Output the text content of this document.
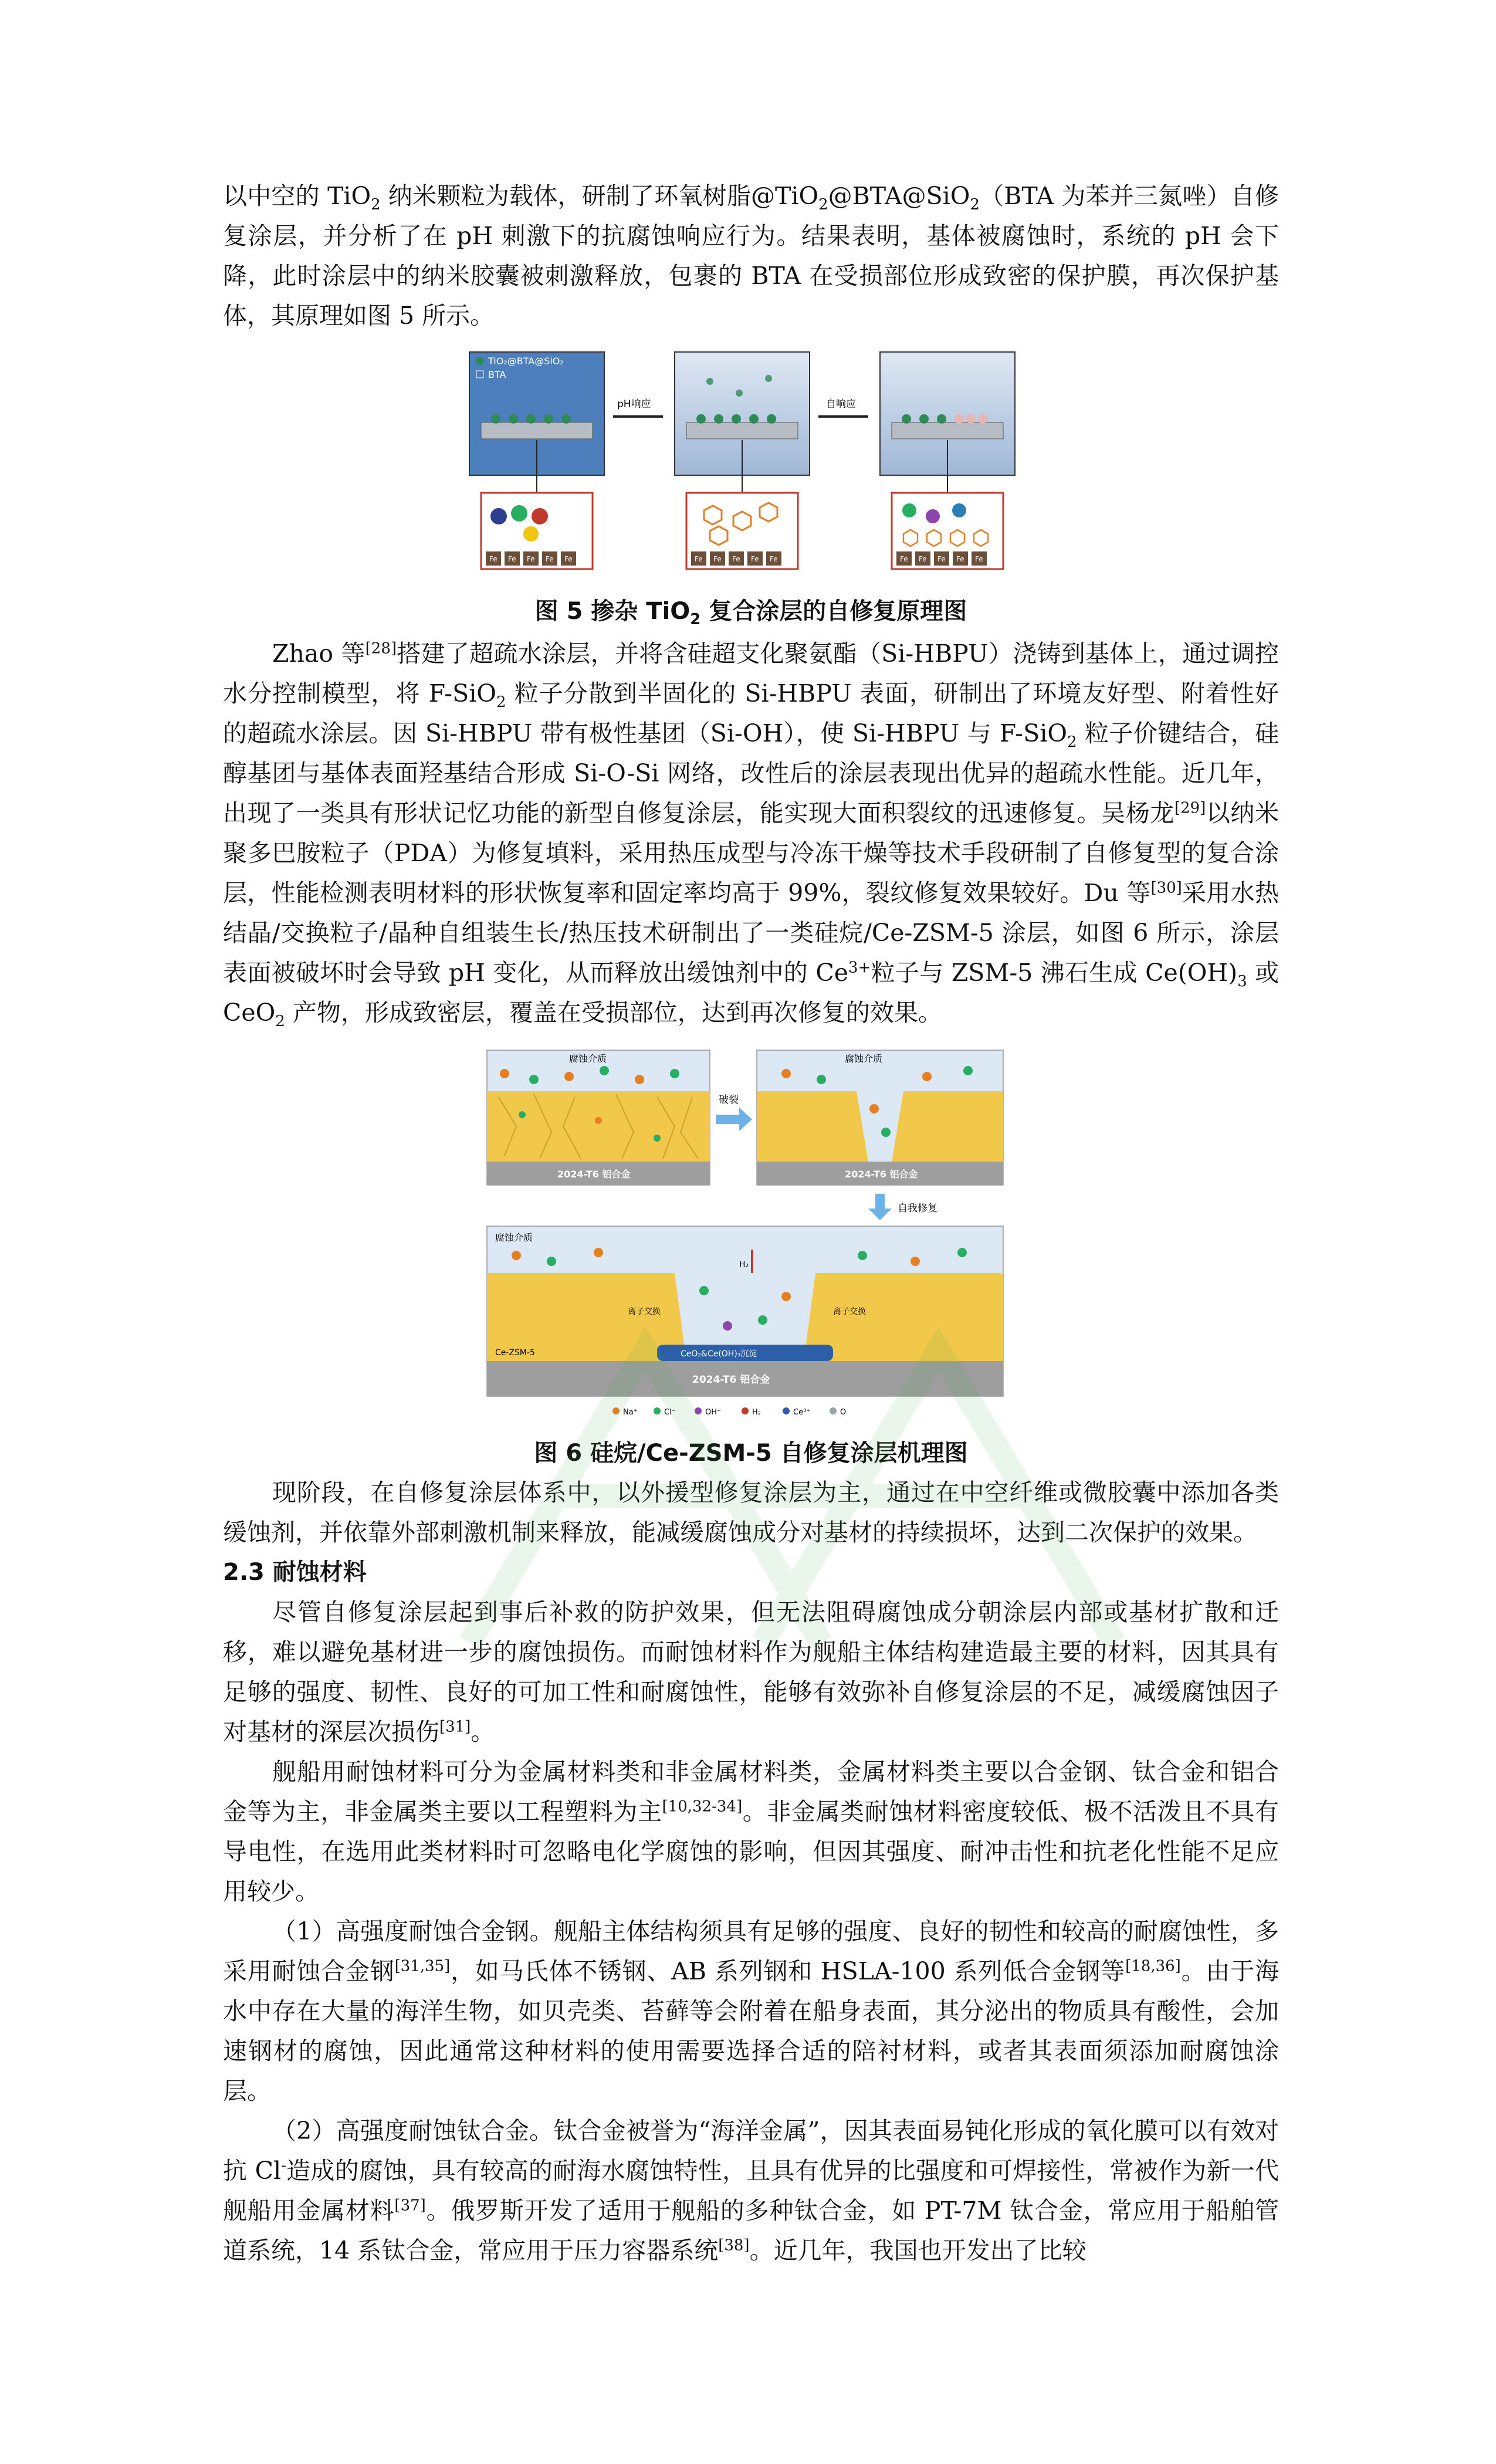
以中空的 TiO$_2$ 纳米颗粒为载体，研制了环氧树脂@TiO$_2$@BTA@SiO$_2$（BTA 为苯并三氮唑）自修复涂层，并分析了在 pH 刺激下的抗腐蚀响应行为。结果表明，基体被腐蚀时，系统的 pH 会下降，此时涂层中的纳米胶囊被刺激释放，包裹的 BTA 在受损部位形成致密的保护膜，再次保护基体，其原理如图 5 所示。

TiO₂@BTA@SiO₂
BTA
Fe Fe Fe Fe Fe
pH响应
Fe Fe Fe Fe Fe
自响应
Fe Fe Fe Fe Fe
图 5 掺杂 TiO$_2$ 复合涂层的自修复原理图

Zhao 等[28]搭建了超疏水涂层，并将含硅超支化聚氨酯（Si-HBPU）浇铸到基体上，通过调控水分控制模型，将 F-SiO$_2$ 粒子分散到半固化的 Si-HBPU 表面，研制出了环境友好型、附着性好的超疏水涂层。因 Si-HBPU 带有极性基团（Si-OH），使 Si-HBPU 与 F-SiO$_2$ 粒子价键结合，硅醇基团与基体表面羟基结合形成 Si-O-Si 网络，改性后的涂层表现出优异的超疏水性能。近几年，出现了一类具有形状记忆功能的新型自修复涂层，能实现大面积裂纹的迅速修复。吴杨龙[29]以纳米聚多巴胺粒子（PDA）为修复填料，采用热压成型与冷冻干燥等技术手段研制了自修复型的复合涂层，性能检测表明材料的形状恢复率和固定率均高于 99%，裂纹修复效果较好。Du 等[30]采用水热结晶/交换粒子/晶种自组装生长/热压技术研制出了一类硅烷/Ce-ZSM-5 涂层，如图 6 所示，涂层表面被破坏时会导致 pH 变化，从而释放出缓蚀剂中的 $Ce^{3+}$粒子与 ZSM-5 沸石生成 $Ce(OH)_3$ 或 CeO$_2$ 产物，形成致密层，覆盖在受损部位，达到再次修复的效果。

腐蚀介质
2024-T6 铝合金
破裂
腐蚀介质
2024-T6 铝合金
自我修复
CeO₂&Ce(OH)₃沉淀
2024-T6 铝合金
腐蚀介质
Ce-ZSM-5
离子交换	离子交换
H₂
Na⁺	Cl⁻	OH⁻	H₂	Ce³⁺	O
图 6 硅烷/Ce-ZSM-5 自修复涂层机理图

现阶段，在自修复涂层体系中，以外援型修复涂层为主，通过在中空纤维或微胶囊中添加各类缓蚀剂，并依靠外部刺激机制来释放，能减缓腐蚀成分对基材的持续损坏，达到二次保护的效果。

2.3 耐蚀材料

尽管自修复涂层起到事后补救的防护效果，但无法阻碍腐蚀成分朝涂层内部或基材扩散和迁移，难以避免基材进一步的腐蚀损伤。而耐蚀材料作为舰船主体结构建造最主要的材料，因其具有足够的强度、韧性、良好的可加工性和耐腐蚀性，能够有效弥补自修复涂层的不足，减缓腐蚀因子对基材的深层次损伤[31]。

舰船用耐蚀材料可分为金属材料类和非金属材料类，金属材料类主要以合金钢、钛合金和铝合金等为主，非金属类主要以工程塑料为主[10,32-34]。非金属类耐蚀材料密度较低、极不活泼且不具有导电性，在选用此类材料时可忽略电化学腐蚀的影响，但因其强度、耐冲击性和抗老化性能不足应用较少。

（1）高强度耐蚀合金钢。舰船主体结构须具有足够的强度、良好的韧性和较高的耐腐蚀性，多采用耐蚀合金钢[31,35]，如马氏体不锈钢、AB 系列钢和 HSLA-100 系列低合金钢等[18,36]。由于海水中存在大量的海洋生物，如贝壳类、苔藓等会附着在船身表面，其分泌出的物质具有酸性，会加速钢材的腐蚀，因此通常这种材料的使用需要选择合适的陪衬材料，或者其表面须添加耐腐蚀涂层。

（2）高强度耐蚀钛合金。钛合金被誉为“海洋金属”，因其表面易钝化形成的氧化膜可以有效对抗 Cl-造成的腐蚀，具有较高的耐海水腐蚀特性，且具有优异的比强度和可焊接性，常被作为新一代舰船用金属材料[37]。俄罗斯开发了适用于舰船的多种钛合金，如 PT-7M 钛合金，常应用于船舶管道系统，14 系钛合金，常应用于压力容器系统[38]。近几年，我国也开发出了比较
